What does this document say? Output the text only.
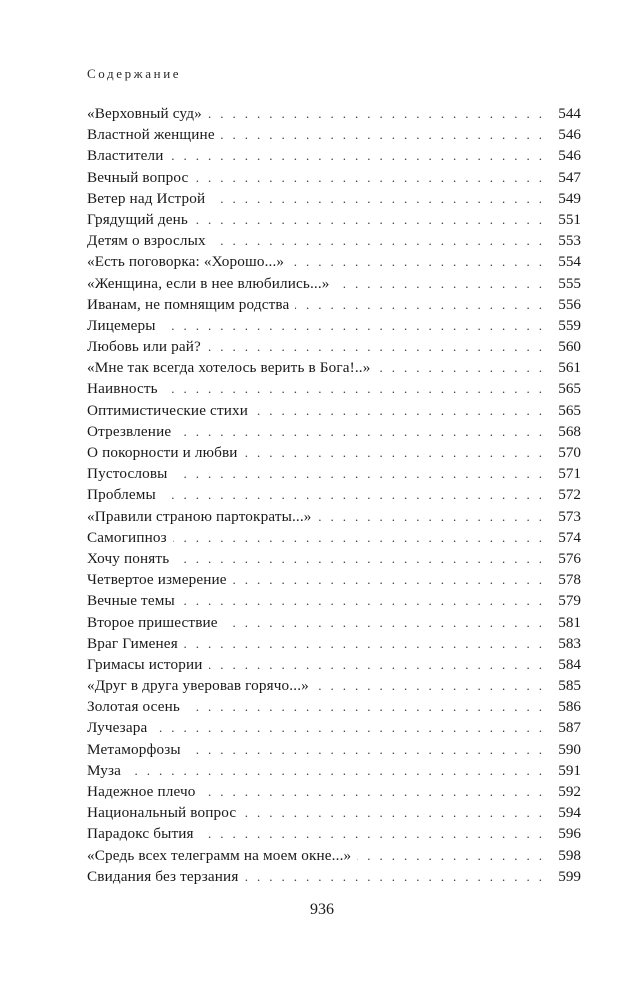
Содержание
«Верховный суд» .....	544
Властной женщине .....	546
Властители .....	546
Вечный вопрос .....	547
Ветер над Истрой .....	549
Грядущий день .....	551
Детям о взрослых .....	553
«Есть поговорка: «Хорошо...» .....	554
«Женщина, если в нее влюбились...» .....	555
Иванам, не помнящим родства .....	556
Лицемеры .....	559
Любовь или рай? .....	560
«Мне так всегда хотелось верить в Бога!..» .....	561
Наивность .....	565
Оптимистические стихи .....	565
Отрезвление .....	568
О покорности и любви .....	570
Пустословы .....	571
Проблемы .....	572
«Правили страною партократы...» .....	573
Самогипноз .....	574
Хочу понять .....	576
Четвертое измерение .....	578
Вечные темы .....	579
Второе пришествие .....	581
Враг Гименея .....	583
Гримасы истории .....	584
«Друг в друга уверовав горячо...» .....	585
Золотая осень .....	586
Лучезара .....	587
Метаморфозы .....	590
Муза .....	591
Надежное плечо .....	592
Национальный вопрос .....	594
Парадокс бытия .....	596
«Средь всех телеграмм на моем окне...» .....	598
Свидания без терзания .....	599
936
